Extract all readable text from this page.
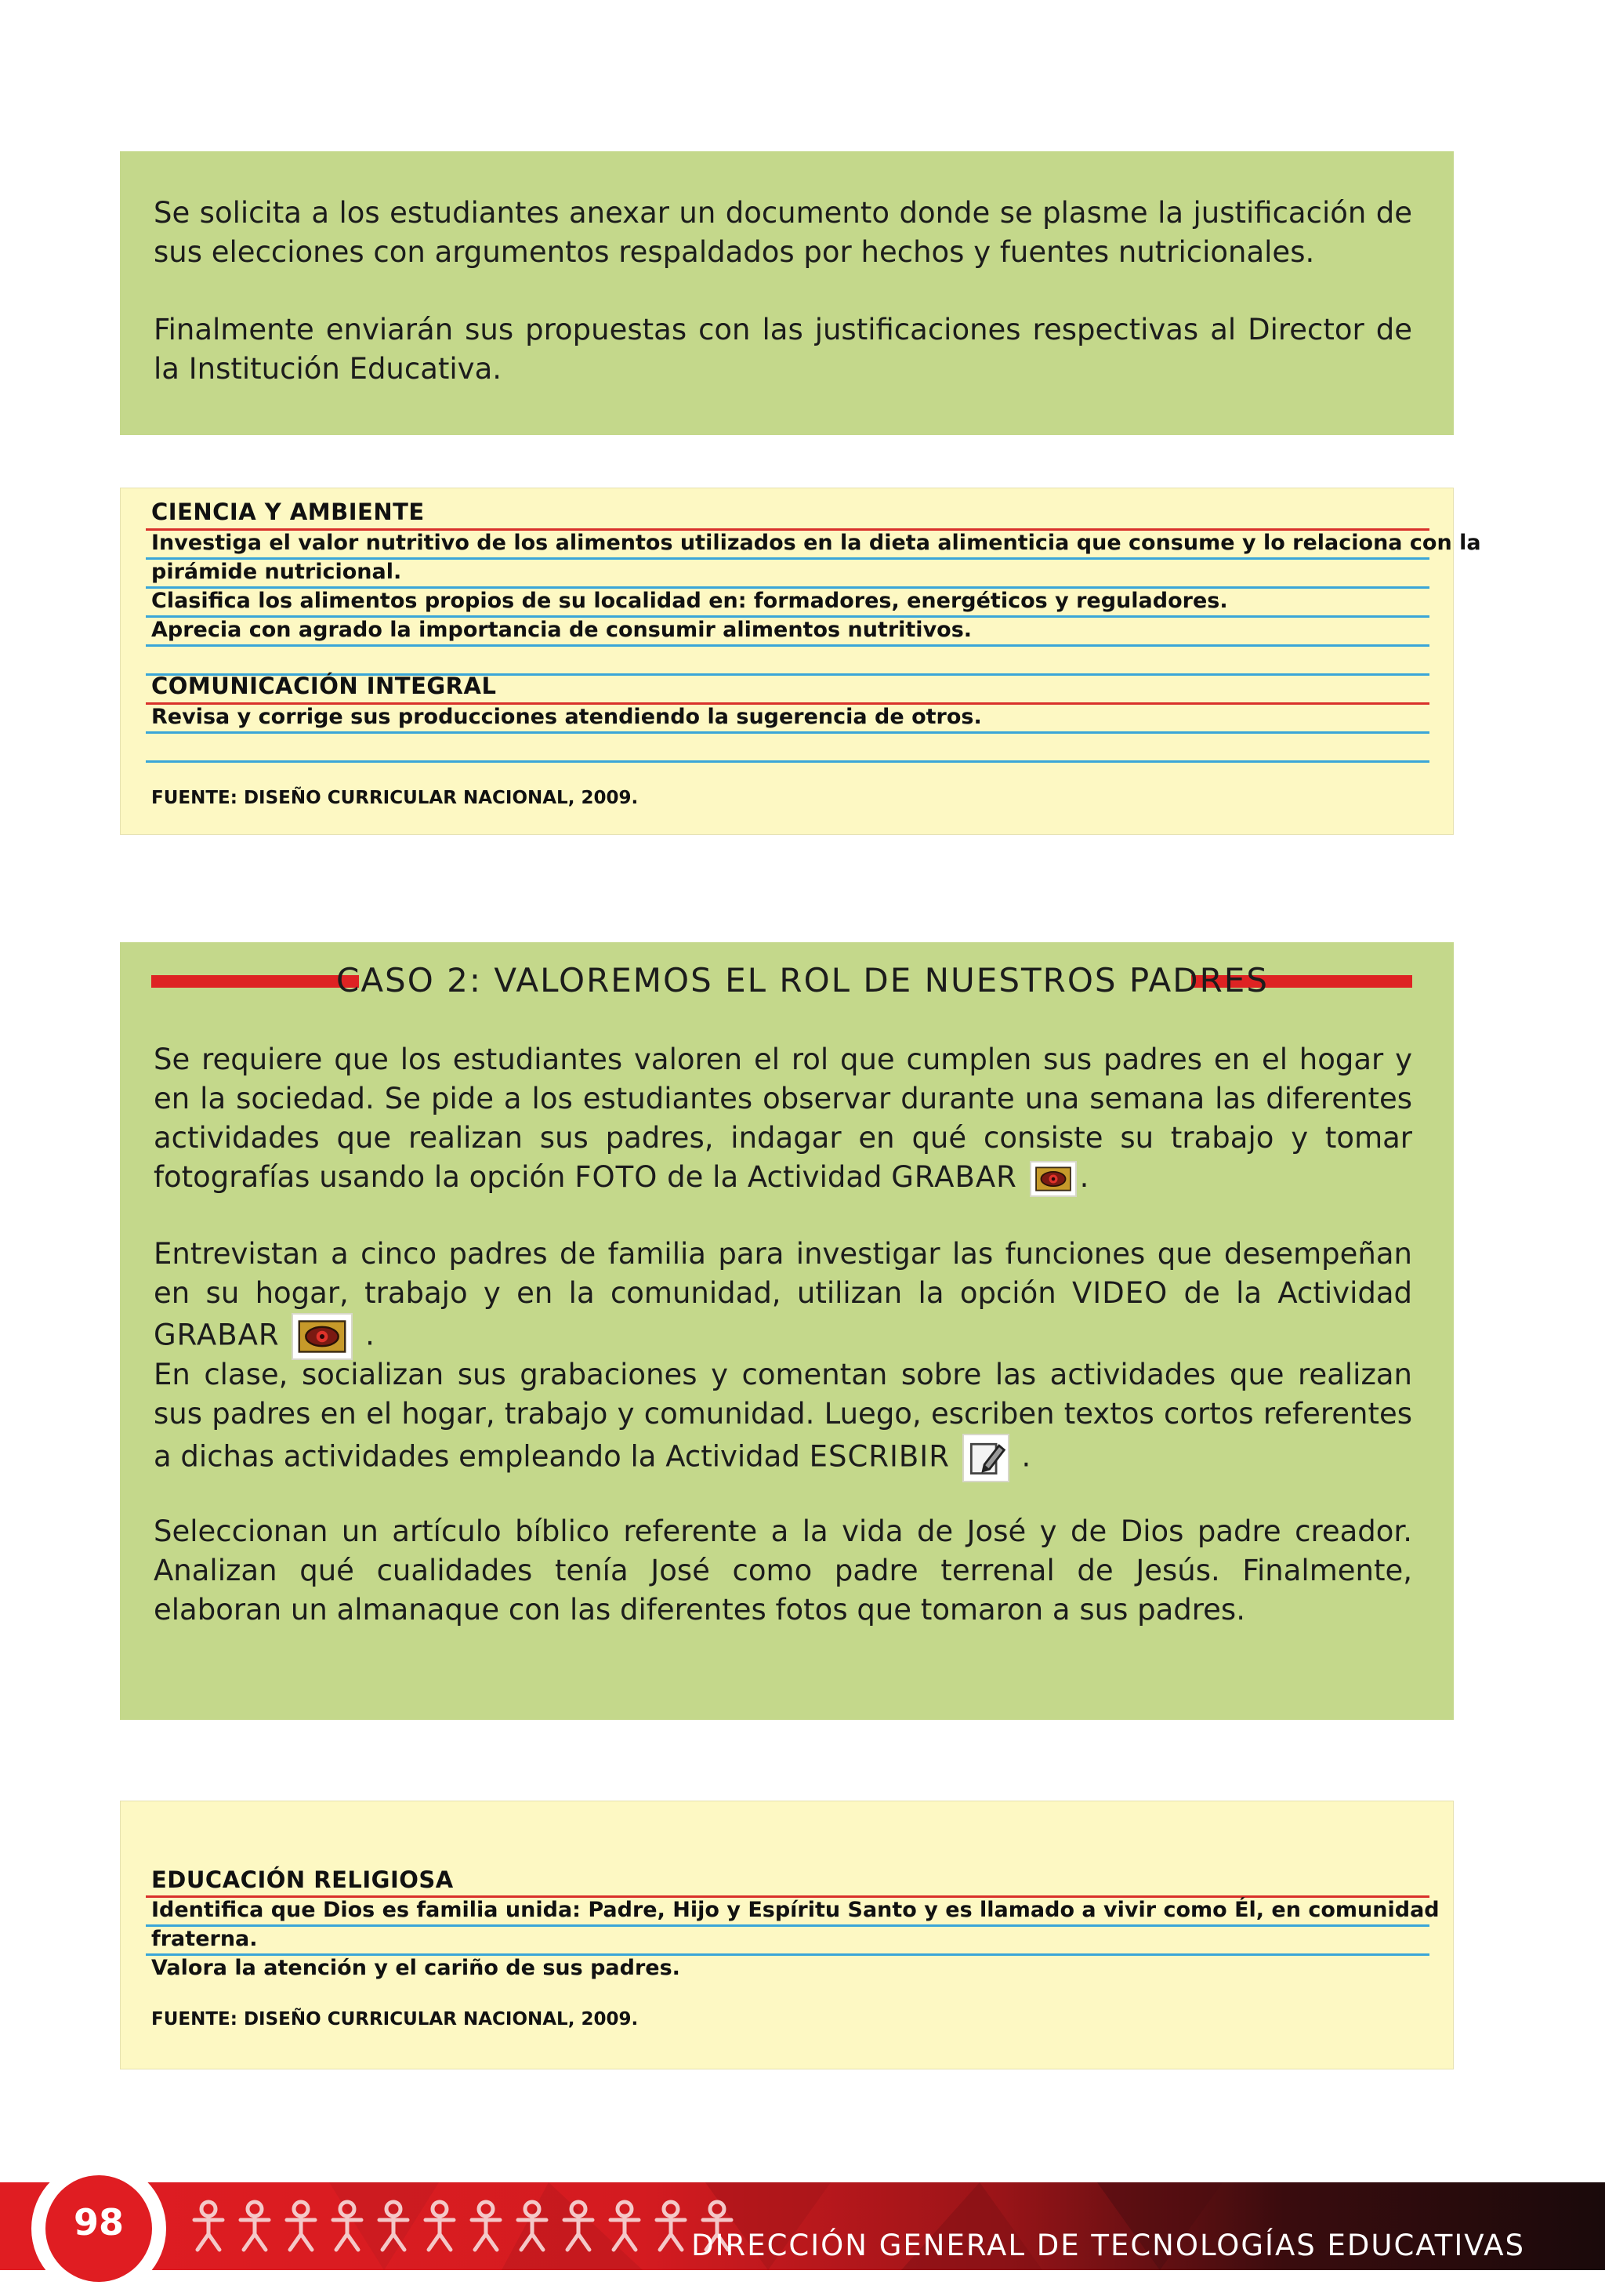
Se solicita a los estudiantes anexar un documento donde se plasme la justificación de sus elecciones con argumentos respaldados por hechos y fuentes nutricionales.

Finalmente enviarán sus propuestas con las justificaciones respectivas al Director de la Institución Educativa.

CIENCIA Y AMBIENTE
Investiga el valor nutritivo de los alimentos utilizados en la dieta alimenticia que consume y lo relaciona con la
pirámide nutricional.
Clasifica los alimentos propios de su localidad en: formadores, energéticos y reguladores.
Aprecia con agrado la importancia de consumir alimentos nutritivos.
COMUNICACIÓN INTEGRAL
Revisa y corrige sus producciones atendiendo la sugerencia de otros.
FUENTE: DISEÑO CURRICULAR NACIONAL, 2009.
CASO 2: VALOREMOS EL ROL DE NUESTROS PADRES

Se requiere que los estudiantes valoren el rol que cumplen sus padres en el hogar y en la sociedad. Se pide a los estudiantes observar durante una semana las diferentes actividades que realizan sus padres, indagar en qué consiste su trabajo y tomar fotografías usando la opción FOTO de la Actividad GRABAR .

Entrevistan a cinco padres de familia para investigar las funciones que desempeñan en su hogar, trabajo y en la comunidad, utilizan la opción VIDEO de la Actividad GRABAR	.

En clase, socializan sus grabaciones y comentan sobre las actividades que realizan sus padres en el hogar, trabajo y comunidad. Luego, escriben textos cortos referentes a dichas actividades empleando la Actividad ESCRIBIR .

Seleccionan un artículo bíblico referente a la vida de José y de Dios padre creador. Analizan qué cualidades tenía José como padre terrenal de Jesús. Finalmente, elaboran un almanaque con las diferentes fotos que tomaron a sus padres.

EDUCACIÓN RELIGIOSA
Identifica que Dios es familia unida: Padre, Hijo y Espíritu Santo y es llamado a vivir como Él, en comunidad
fraterna.
Valora la atención y el cariño de sus padres.
FUENTE: DISEÑO CURRICULAR NACIONAL, 2009.
98
DIRECCIÓN GENERAL DE TECNOLOGÍAS EDUCATIVAS
